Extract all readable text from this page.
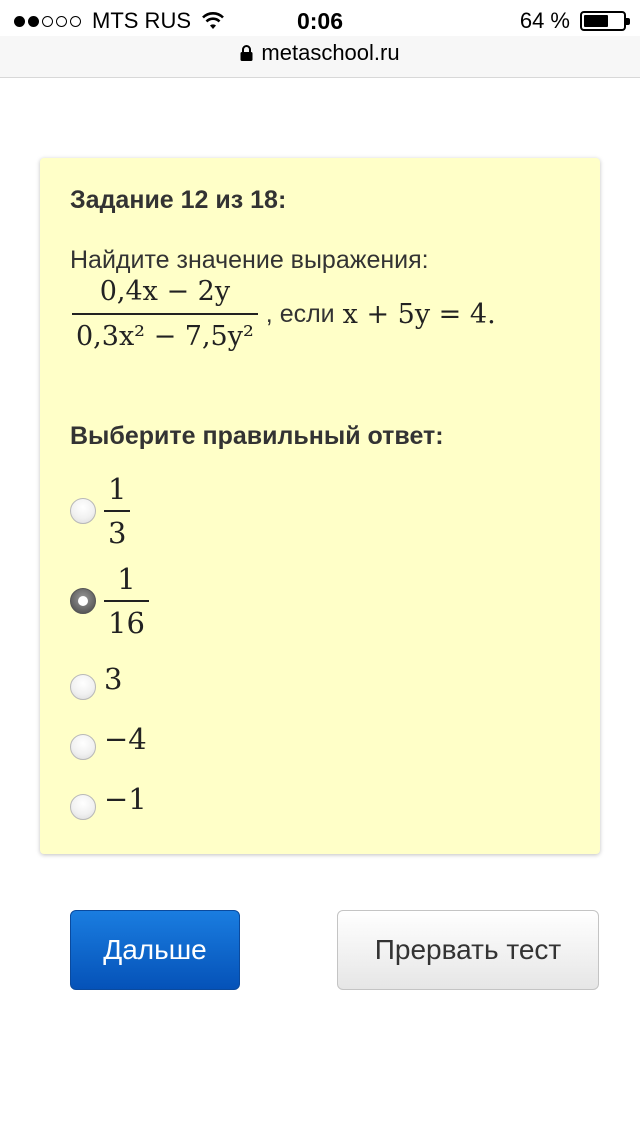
MTS RUS	0:06	64 %
metaschool.ru
Задание 12 из 18:
Найдите значение выражения:
$\frac{0,4x - 2y}{\text{0,3x² − 7,5y²}}$ , если x + 5y = 4.
Выберите правильный ответ:
$\frac{1}{3}$
$\frac{1}{16}$
3
−4
−1
Дальше	Прервать тест
